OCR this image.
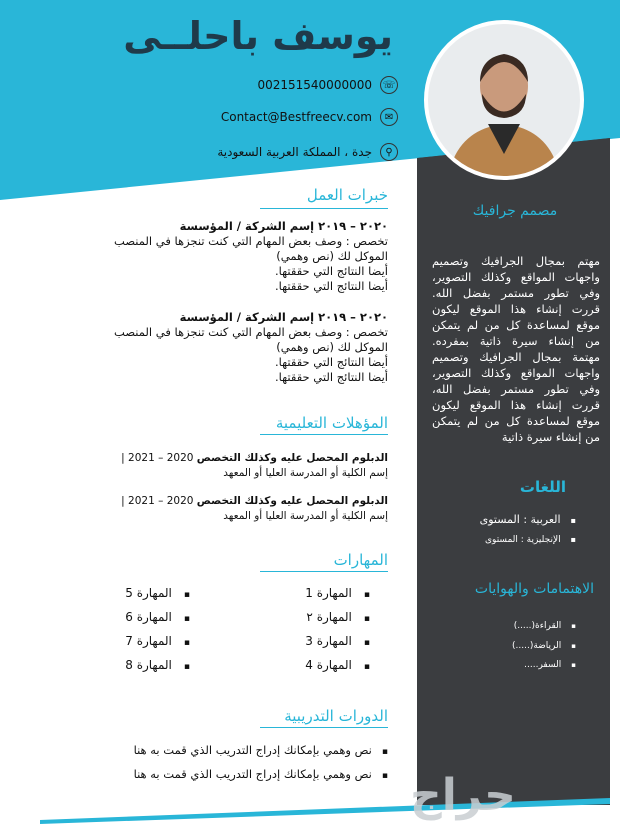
يوسف باحلــى
☏
002151540000000
✉
Contact@Bestfreecv.com
⚲
جدة ، المملكة العربية السعودية
مصمم جرافيك
مهتم بمجال الجرافيك وتصميم واجهات المواقع وكذلك التصوير، وفي تطور مستمر بفضل الله. قررت إنشاء هذا الموقع ليكون موقع لمساعدة كل من لم يتمكن من إنشاء سيرة ذاتية بمفرده. مهتمة بمجال الجرافيك وتصميم واجهات المواقع وكذلك التصوير، وفي تطور مستمر بفضل الله، قررت إنشاء هذا الموقع ليكون موقع لمساعدة كل من لم يتمكن من إنشاء سيرة ذاتية
اللغات
▪ العربية : المستوى
▪ الإنجليزية : المستوى
الاهتمامات والهوايات
▪ القراءة(.....)
▪ الرياضة(.....)
▪ السفر.....
خبرات العمل
٢٠٢٠ – ٢٠١٩ إسم الشركة / المؤسسة
تخصص : وصف بعض المهام التي كنت تنجزها في المنصب
الموكل لك (نص وهمي)
أيضا النتائج التي حققتها.
أيضا النتائج التي حققتها.
٢٠٢٠ – ٢٠١٩ إسم الشركة / المؤسسة
تخصص : وصف بعض المهام التي كنت تنجزها في المنصب
الموكل لك (نص وهمي)
أيضا النتائج التي حققتها.
أيضا النتائج التي حققتها.
المؤهلات التعليمية
الدبلوم المحصل عليه وكذلك التخصص 2020 – 2021 |
إسم الكلية أو المدرسة العليا أو المعهد
الدبلوم المحصل عليه وكذلك التخصص 2020 – 2021 |
إسم الكلية أو المدرسة العليا أو المعهد
المهارات
▪ المهارة 1
▪ المهارة ٢
▪ المهارة 3
▪ المهارة 4
▪ المهارة 5
▪ المهارة 6
▪ المهارة 7
▪ المهارة 8
الدورات التدريبية
▪ نص وهمي بإمكانك إدراج التدريب الذي قمت به هنا
▪ نص وهمي بإمكانك إدراج التدريب الذي قمت به هنا حراج
